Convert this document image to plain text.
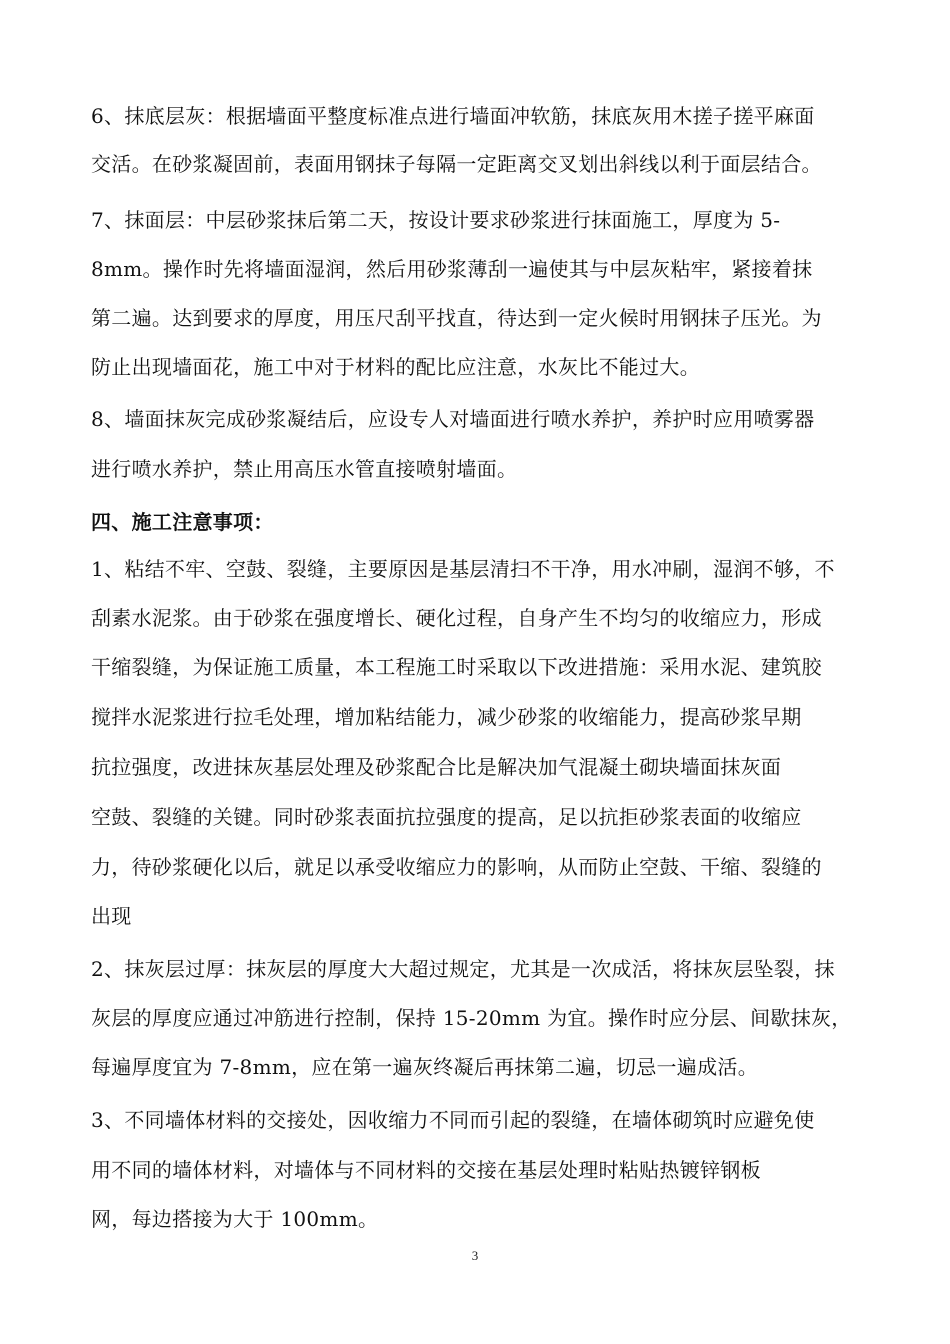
6、抹底层灰：根据墙面平整度标准点进行墙面冲软筋，抹底灰用木搓子搓平麻面
交活。在砂浆凝固前，表面用钢抹子每隔一定距离交叉划出斜线以利于面层结合。
7、抹面层：中层砂浆抹后第二天，按设计要求砂浆进行抹面施工，厚度为 5-
8mm。操作时先将墙面湿润，然后用砂浆薄刮一遍使其与中层灰粘牢，紧接着抹
第二遍。达到要求的厚度，用压尺刮平找直，待达到一定火候时用钢抹子压光。为
防止出现墙面花，施工中对于材料的配比应注意，水灰比不能过大。
8、墙面抹灰完成砂浆凝结后，应设专人对墙面进行喷水养护，养护时应用喷雾器
进行喷水养护，禁止用高压水管直接喷射墙面。
四、施工注意事项：
1、粘结不牢、空鼓、裂缝，主要原因是基层清扫不干净，用水冲刷，湿润不够，不
刮素水泥浆。由于砂浆在强度增长、硬化过程，自身产生不均匀的收缩应力，形成
干缩裂缝，为保证施工质量，本工程施工时采取以下改进措施：采用水泥、建筑胶
搅拌水泥浆进行拉毛处理，增加粘结能力，减少砂浆的收缩能力，提高砂浆早期
抗拉强度，改进抹灰基层处理及砂浆配合比是解决加气混凝土砌块墙面抹灰面
空鼓、裂缝的关键。同时砂浆表面抗拉强度的提高，足以抗拒砂浆表面的收缩应
力，待砂浆硬化以后，就足以承受收缩应力的影响，从而防止空鼓、干缩、裂缝的
出现
2、抹灰层过厚：抹灰层的厚度大大超过规定，尤其是一次成活，将抹灰层坠裂，抹
灰层的厚度应通过冲筋进行控制，保持 15-20mm 为宜。操作时应分层、间歇抹灰，
每遍厚度宜为 7-8mm，应在第一遍灰终凝后再抹第二遍，切忌一遍成活。
3、不同墙体材料的交接处，因收缩力不同而引起的裂缝，在墙体砌筑时应避免使
用不同的墙体材料，对墙体与不同材料的交接在基层处理时粘贴热镀锌钢板
网，每边搭接为大于 100mm。
3
